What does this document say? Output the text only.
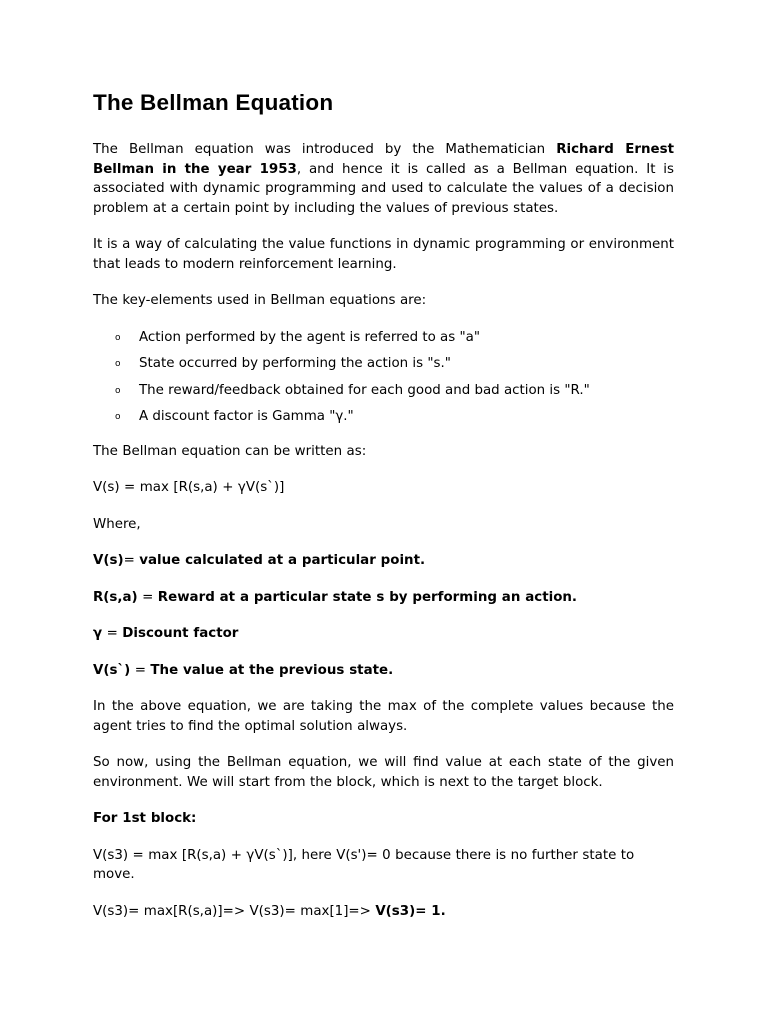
The Bellman Equation

The Bellman equation was introduced by the Mathematician Richard Ernest Bellman in the year 1953, and hence it is called as a Bellman equation. It is associated with dynamic programming and used to calculate the values of a decision problem at a certain point by including the values of previous states.

It is a way of calculating the value functions in dynamic programming or environment that leads to modern reinforcement learning.

The key-elements used in Bellman equations are:

o Action performed by the agent is referred to as "a"
o State occurred by performing the action is "s."
o The reward/feedback obtained for each good and bad action is "R."
o A discount factor is Gamma "γ."

The Bellman equation can be written as:

V(s) = max [R(s,a) + γV(s`)]

Where,

V(s)= value calculated at a particular point.

R(s,a) = Reward at a particular state s by performing an action.

γ = Discount factor

V(s`) = The value at the previous state.

In the above equation, we are taking the max of the complete values because the agent tries to find the optimal solution always.

So now, using the Bellman equation, we will find value at each state of the given environment. We will start from the block, which is next to the target block.

For 1st block:

V(s3) = max [R(s,a) + γV(s`)], here V(s')= 0 because there is no further state to move.

V(s3)= max[R(s,a)]=> V(s3)= max[1]=> V(s3)= 1.
